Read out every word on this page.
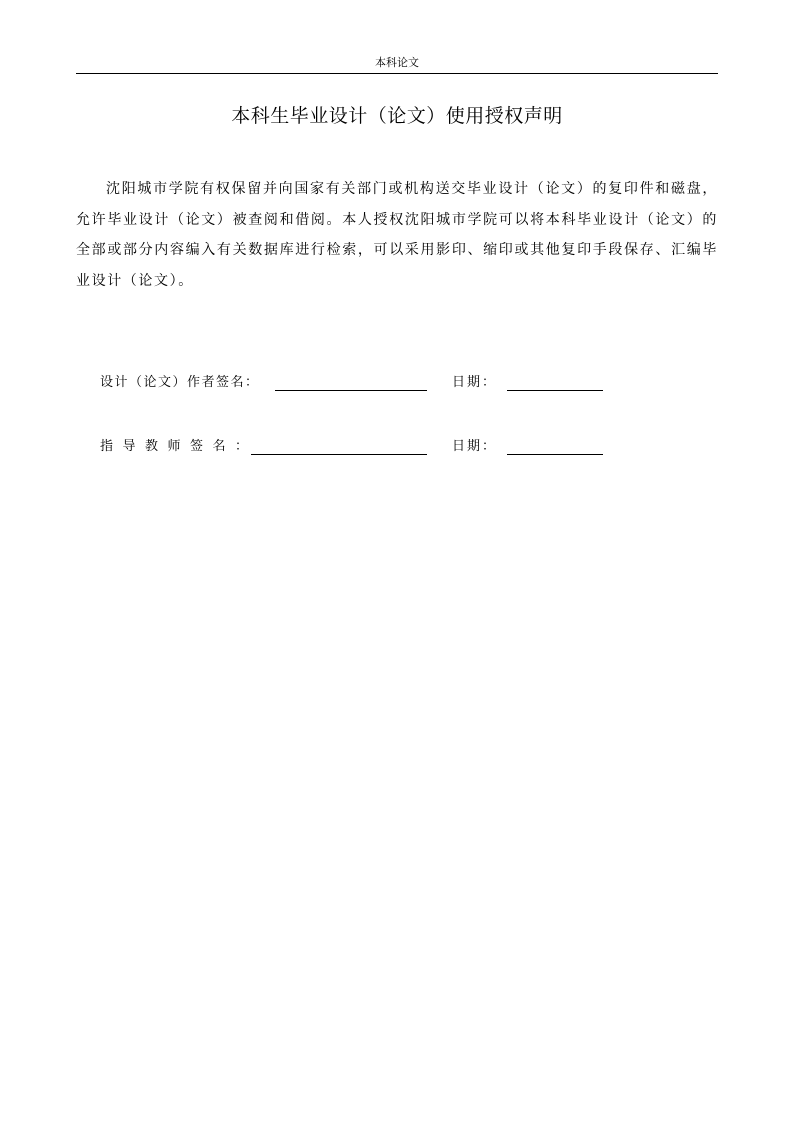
本科论文
本科生毕业设计（论文）使用授权声明

沈阳城市学院有权保留并向国家有关部门或机构送交毕业设计（论文）的复印件和磁盘，允许毕业设计（论文）被查阅和借阅。本人授权沈阳城市学院可以将本科毕业设计（论文）的全部或部分内容编入有关数据库进行检索，可以采用影印、缩印或其他复印手段保存、汇编毕业设计（论文）。

设计（论文）作者签名：	日期：
指导教师签名：	日期：
